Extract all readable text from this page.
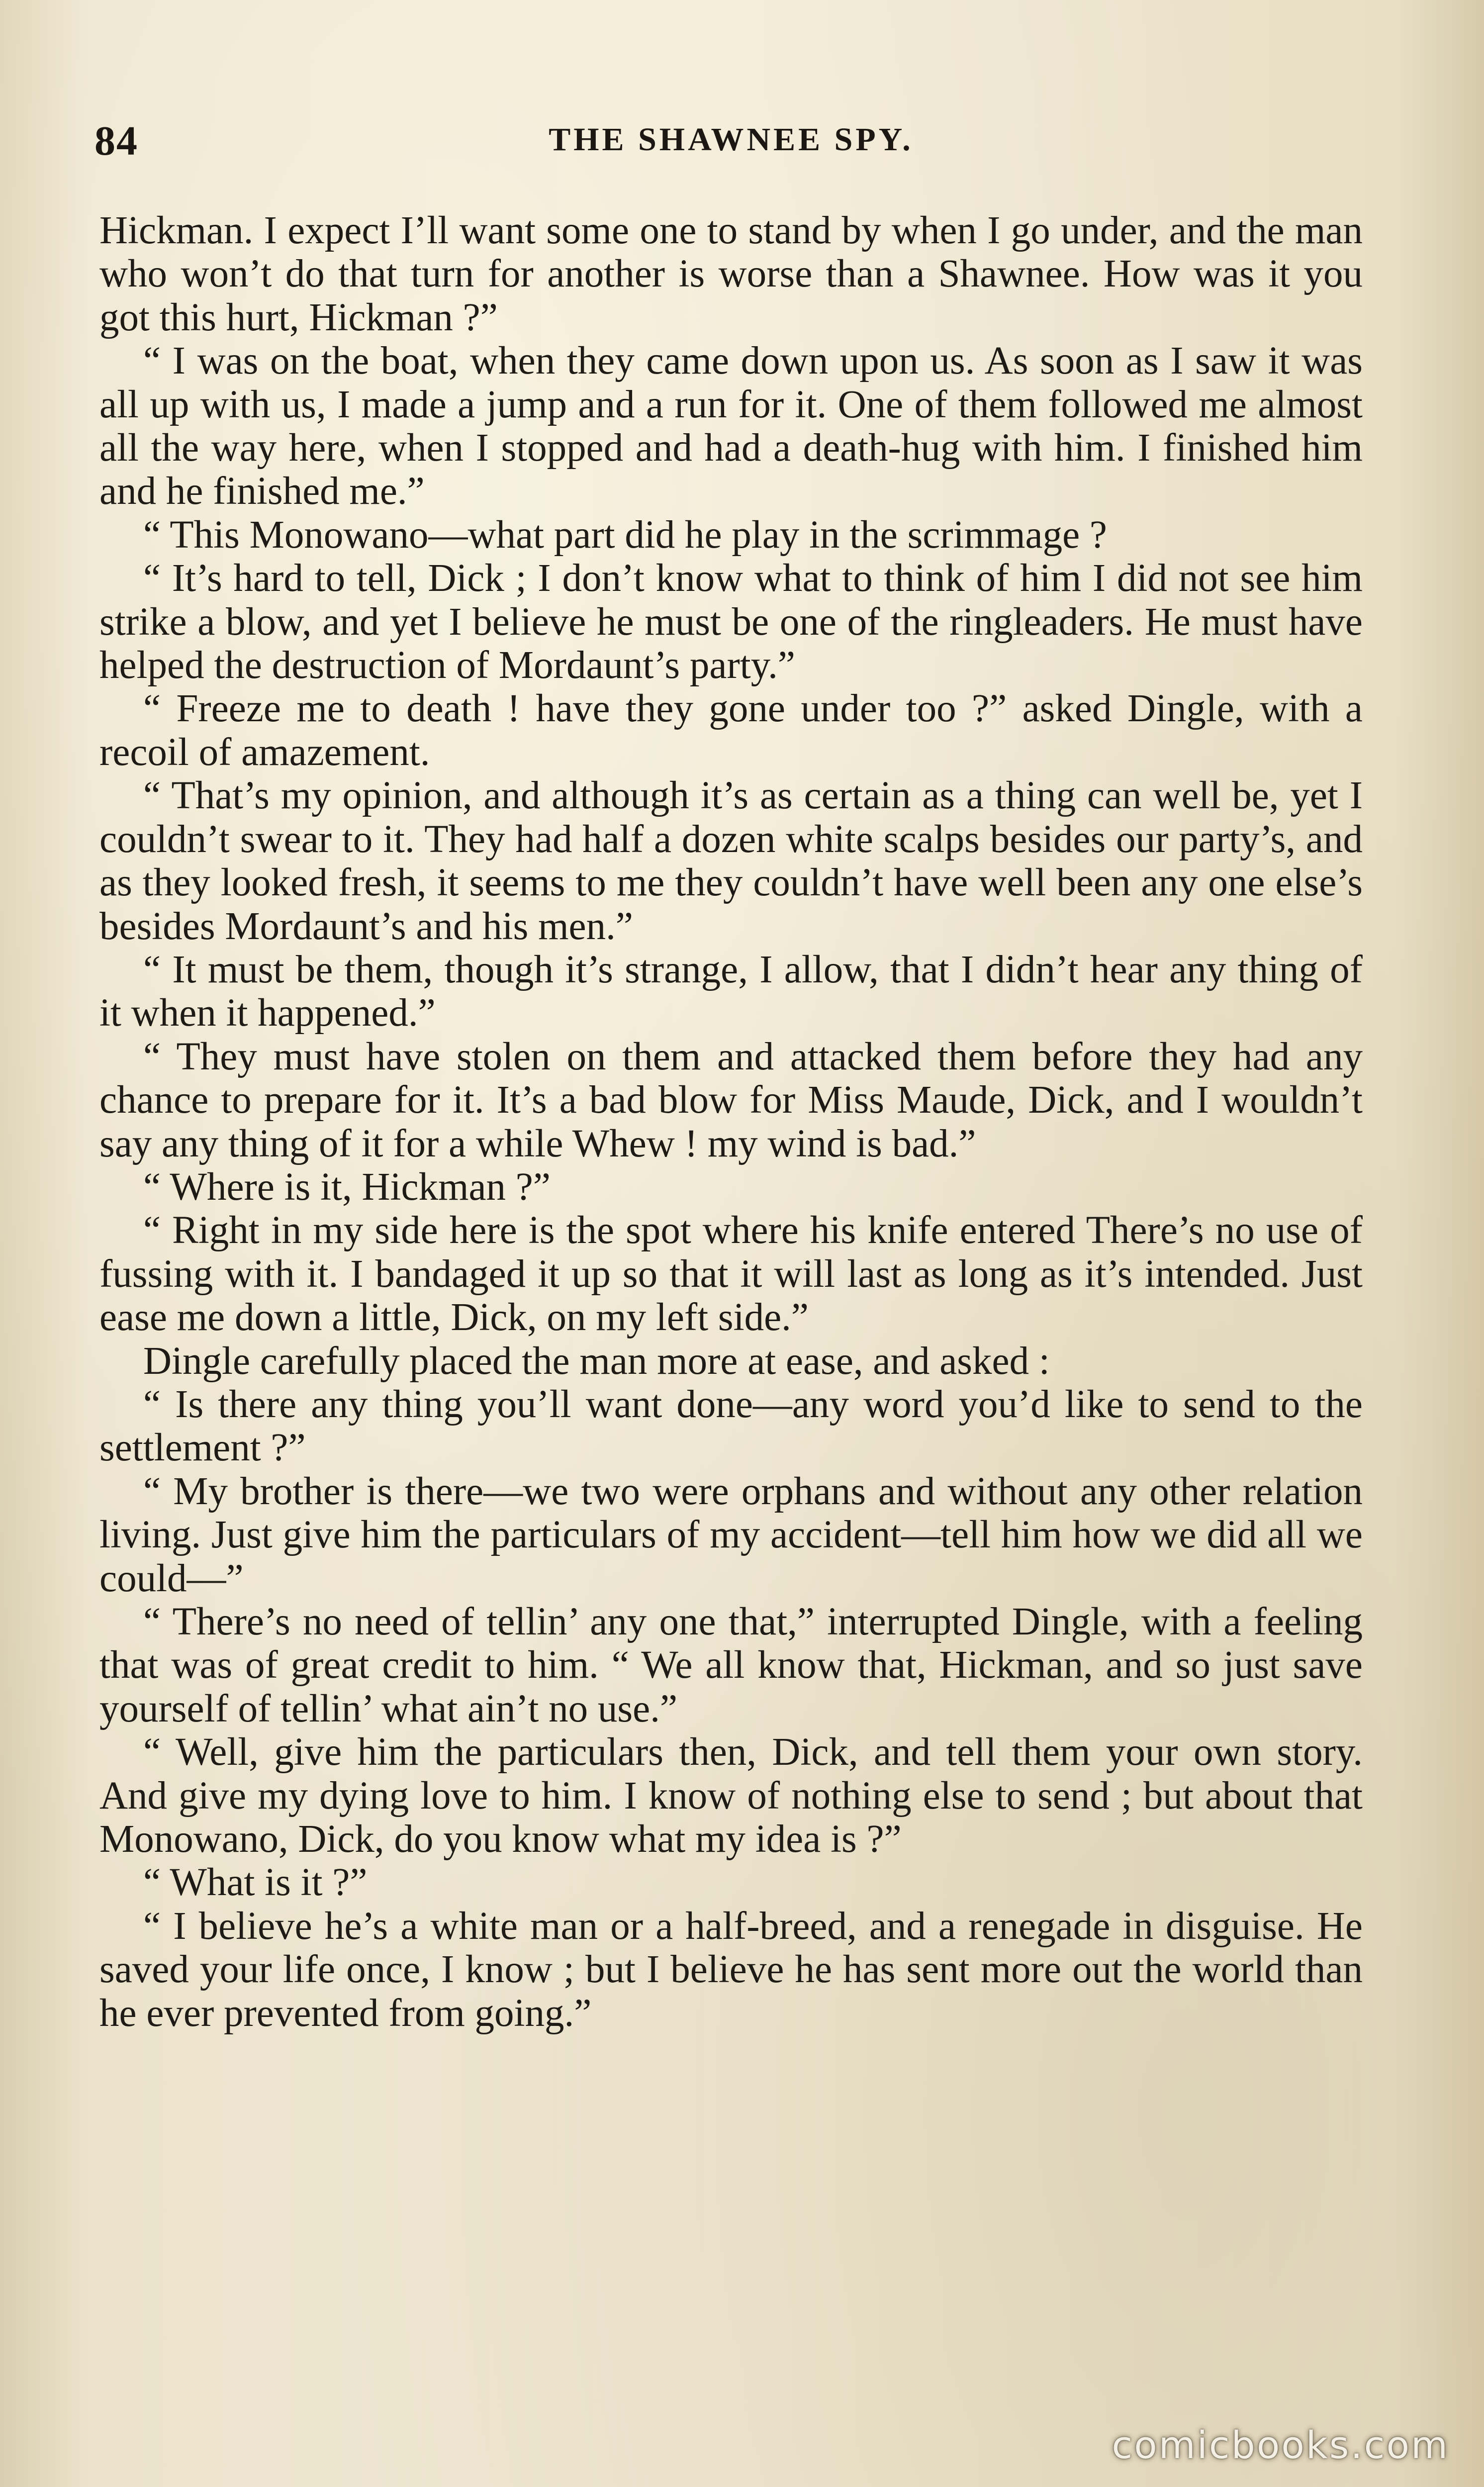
84	THE SHAWNEE SPY.

Hickman. I expect I’ll want some one to stand by when I go under, and the man who won’t do that turn for another is worse than a Shawnee. How was it you got this hurt, Hickman ?”

“ I was on the boat, when they came down upon us. As soon as I saw it was all up with us, I made a jump and a run for it. One of them followed me almost all the way here, when I stopped and had a death-hug with him. I finished him and he finished me.”

“ This Monowano—what part did he play in the scrimmage ?

“ It’s hard to tell, Dick ; I don’t know what to think of him I did not see him strike a blow, and yet I believe he must be one of the ringleaders. He must have helped the destruction of Mordaunt’s party.”

“ Freeze me to death ! have they gone under too ?” asked Dingle, with a recoil of amazement.

“ That’s my opinion, and although it’s as certain as a thing can well be, yet I couldn’t swear to it. They had half a dozen white scalps besides our party’s, and as they looked fresh, it seems to me they couldn’t have well been any one else’s besides Mordaunt’s and his men.”

“ It must be them, though it’s strange, I allow, that I didn’t hear any thing of it when it happened.”

“ They must have stolen on them and attacked them before they had any chance to prepare for it. It’s a bad blow for Miss Maude, Dick, and I wouldn’t say any thing of it for a while Whew ! my wind is bad.”

“ Where is it, Hickman ?”

“ Right in my side here is the spot where his knife entered There’s no use of fussing with it. I bandaged it up so that it will last as long as it’s intended. Just ease me down a little, Dick, on my left side.”

Dingle carefully placed the man more at ease, and asked :

“ Is there any thing you’ll want done—any word you’d like to send to the settlement ?”

“ My brother is there—we two were orphans and without any other relation living. Just give him the particulars of my accident—tell him how we did all we could—”

“ There’s no need of tellin’ any one that,” interrupted Dingle, with a feeling that was of great credit to him. “ We all know that, Hickman, and so just save yourself of tellin’ what ain’t no use.”

“ Well, give him the particulars then, Dick, and tell them your own story. And give my dying love to him. I know of nothing else to send ; but about that Monowano, Dick, do you know what my idea is ?”

“ What is it ?”

“ I believe he’s a white man or a half-breed, and a renegade in disguise. He saved your life once, I know ; but I believe he has sent more out the world than he ever prevented from going.”

comicbooks.com
